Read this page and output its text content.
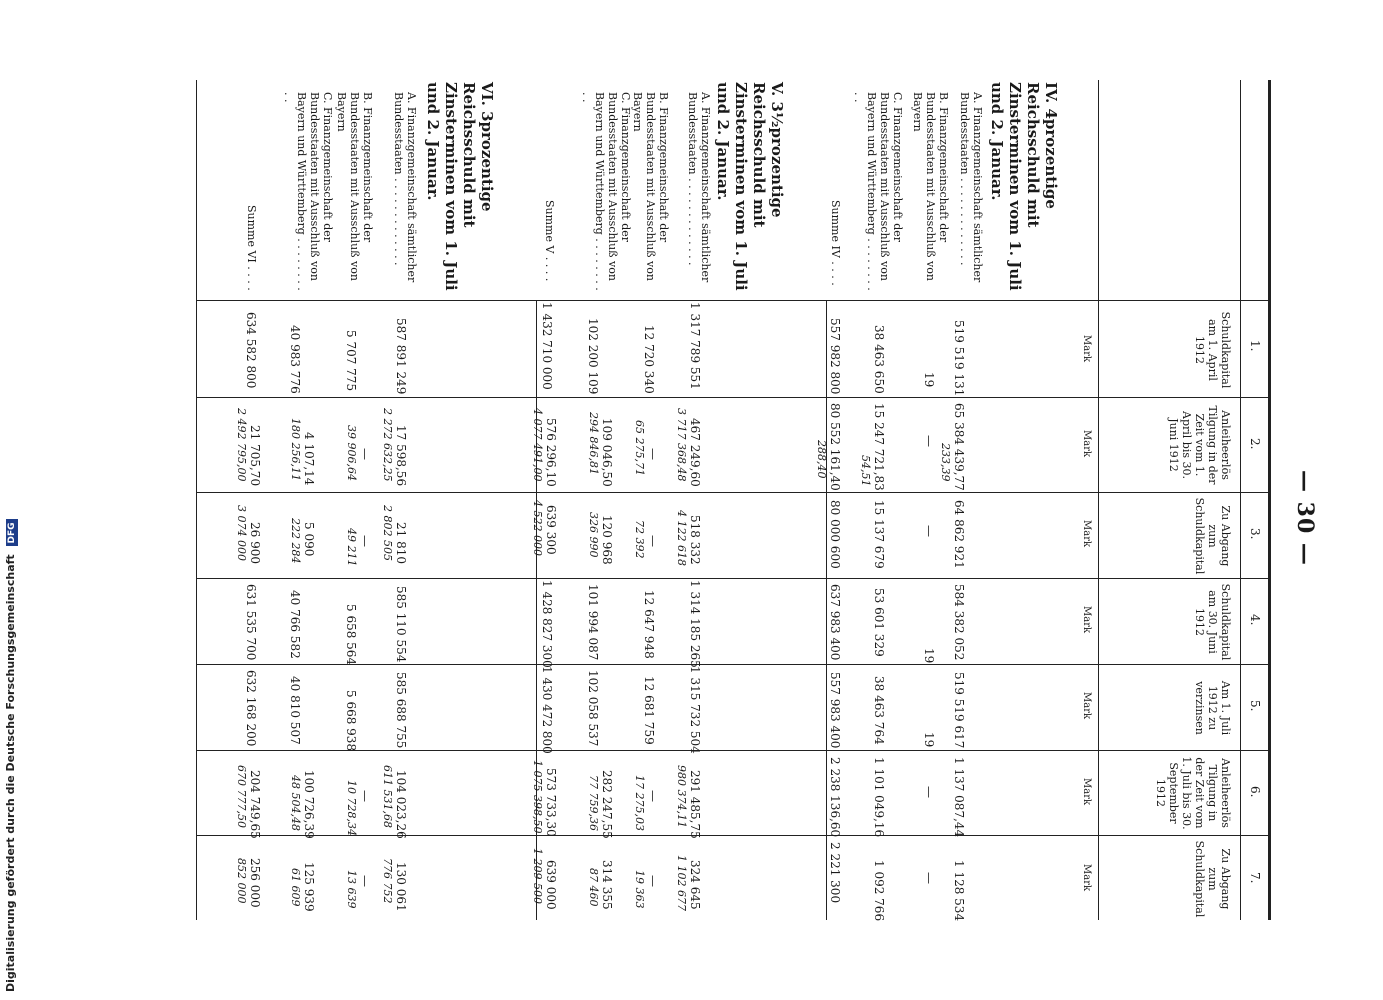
— 30 —
Digitalisierung gefördert durch die Deutsche Forschungsgemeinschaft DFG
1.
2.
3.
4.
5.
6.
7.
Schuldkapital am 1. April 1912
Anleiheerlös Tilgung in der Zeit vom 1. April bis 30. Juni 1912
Zu Abgang zum Schuldkapital
Schuldkapital am 30. Juni 1912
Am 1. Juli 1912 zu verzinsen
Anleiheerlös Tilgung in der Zeit vom 1. Juli bis 30. September 1912
Zu Abgang zum Schuldkapital
Mark
Mark
Mark
Mark
Mark
Mark
Mark
IV. 4prozentige Reichsschuld mit Zinsterminen vom 1. Juli und 2. Januar.
A. Finanzgemeinschaft sämtlicher Bundesstaaten . . . . . . . . . . . . .
519 519 131
65 384 439,77
233,39
64 862 921
584 382 052
519 519 617
1 137 087,44
1 128 534
B. Finanzgemeinschaft der Bundesstaaten mit Ausschluß von Bayern
19
—
—
19
19
—
—
C. Finanzgemeinschaft der Bundesstaaten mit Ausschluß von Bayern und Württemberg . . . . . . . . . .
38 463 650
15 247 721,83
54,51
15 137 679
53 601 329
38 463 764
1 101 049,16
1 092 766
Summe IV . . . .
557 982 800
80 552 161,40
288,40
80 000 600
637 983 400
557 983 400
2 238 136,60
2 221 300
V. 3½prozentige Reichsschuld mit Zinsterminen vom 1. Juli und 2. Januar.
A. Finanzgemeinschaft sämtlicher Bundesstaaten . . . . . . . . . . . . .
1 317 789 551
467 249,60
3 717 368,48
518 332
4 122 618
1 314 185 265
1 315 732 504
291 485,75
980 374,11
324 645
1 102 677
B. Finanzgemeinschaft der Bundesstaaten mit Ausschluß von Bayern
12 720 340
—
65 275,71
—
72 392
12 647 948
12 681 759
—
17 275,03
—
19 363
C. Finanzgemeinschaft der Bundesstaaten mit Ausschluß von Bayern und Württemberg . . . . . . . . . .
102 200 109
109 046,50
294 846,81
120 968
326 990
101 994 087
102 058 537
282 247,55
77 759,36
314 355
87 460
Summe V . . . .
1 432 710 000
576 296,10
4 077 491,00
639 300
4 522 000
1 428 827 300
1 430 472 800
573 733,30
1 075 398,50
639 000
1 209 500
VI. 3prozentige Reichsschuld mit Zinsterminen vom 1. Juli und 2. Januar.
A. Finanzgemeinschaft sämtlicher Bundesstaaten . . . . . . . . . . . . .
587 891 249
17 598,56
2 272 632,25
21 810
2 802 505
585 110 554
585 688 755
104 023,26
611 531,68
130 061
776 752
B. Finanzgemeinschaft der Bundesstaaten mit Ausschluß von Bayern
5 707 775
—
39 906,64
—
49 211
5 658 564
5 668 938
—
10 728,34
—
13 639
C. Finanzgemeinschaft der Bundesstaaten mit Ausschluß von Bayern und Württemberg . . . . . . . . . .
40 983 776
4 107,14
180 256,11
5 090
222 284
40 766 582
40 810 507
100 726,39
48 504,48
125 939
61 609
Summe VI . . . .
634 582 800
21 705,70
2 492 795,00
26 900
3 074 000
631 535 700
632 168 200
204 749,65
670 777,50
256 000
852 000
